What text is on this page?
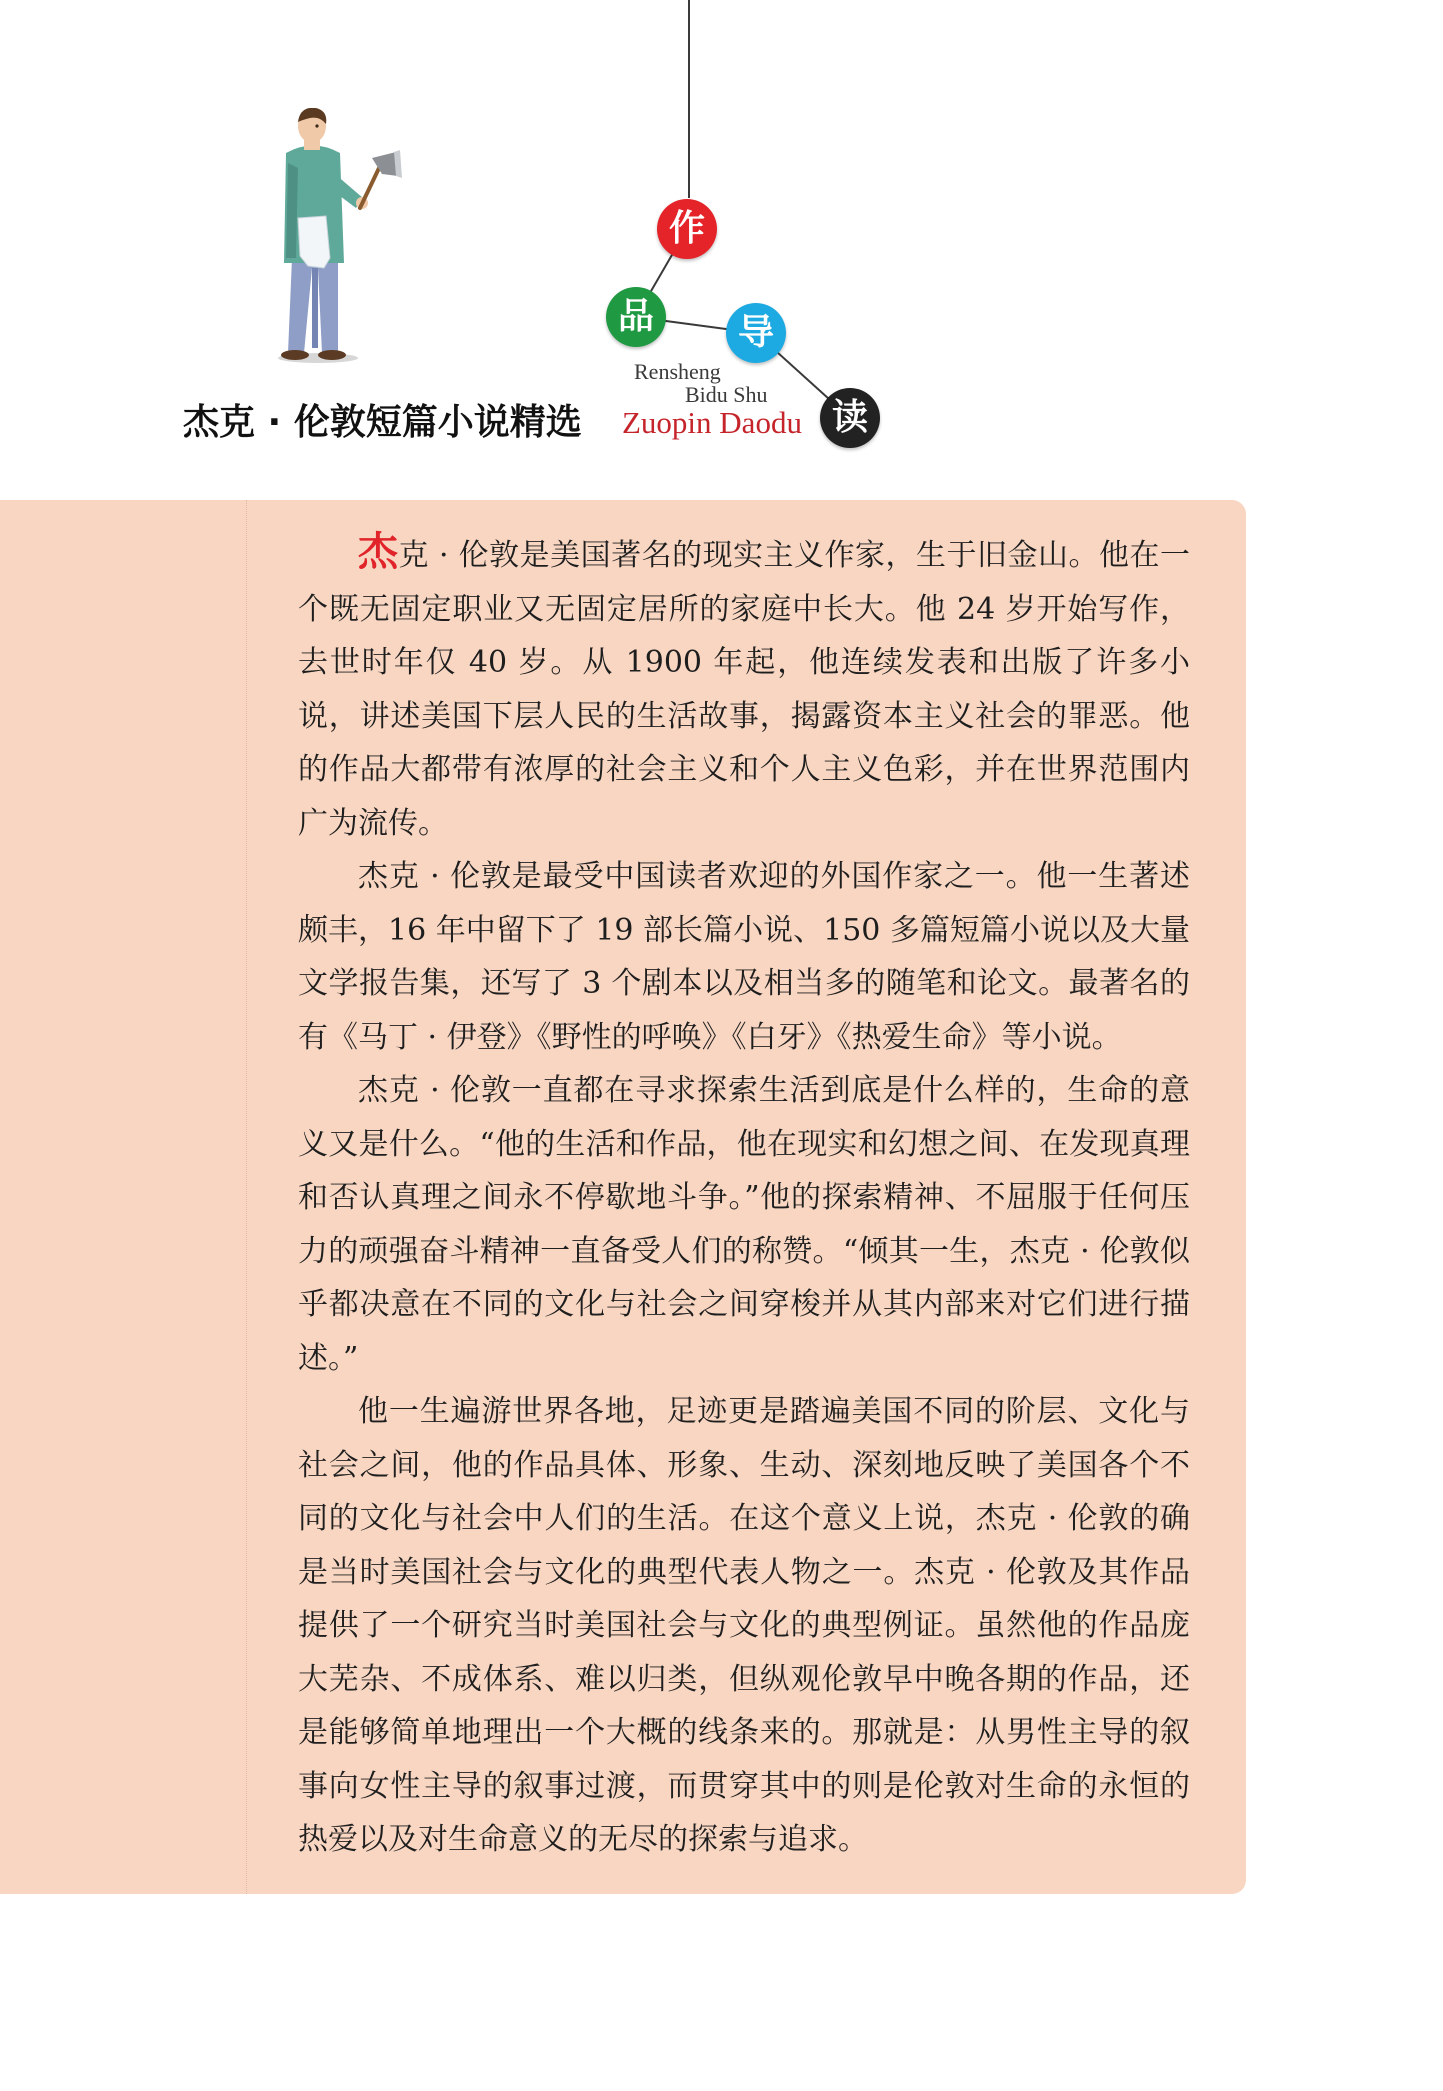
作
品	导
读
Rensheng
Bidu Shu
Zuopin Daodu
杰克 · 伦敦短篇小说精选

杰克 · 伦敦是美国著名的现实主义作家，生于旧金山。他在一个既无固定职业又无固定居所的家庭中长大。他 24 岁开始写作，去世时年仅 40 岁。从 1900 年起，他连续发表和出版了许多小说，讲述美国下层人民的生活故事，揭露资本主义社会的罪恶。他的作品大都带有浓厚的社会主义和个人主义色彩，并在世界范围内广为流传。

杰克 · 伦敦是最受中国读者欢迎的外国作家之一。他一生著述颇丰，16 年中留下了 19 部长篇小说、150 多篇短篇小说以及大量文学报告集，还写了 3 个剧本以及相当多的随笔和论文。最著名的有《马丁 · 伊登》《野性的呼唤》《白牙》《热爱生命》等小说。

杰克 · 伦敦一直都在寻求探索生活到底是什么样的，生命的意义又是什么。“他的生活和作品，他在现实和幻想之间、在发现真理和否认真理之间永不停歇地斗争。”他的探索精神、不屈服于任何压力的顽强奋斗精神一直备受人们的称赞。“倾其一生，杰克 · 伦敦似乎都决意在不同的文化与社会之间穿梭并从其内部来对它们进行描述。”

他一生遍游世界各地，足迹更是踏遍美国不同的阶层、文化与社会之间，他的作品具体、形象、生动、深刻地反映了美国各个不同的文化与社会中人们的生活。在这个意义上说，杰克 · 伦敦的确是当时美国社会与文化的典型代表人物之一。杰克 · 伦敦及其作品提供了一个研究当时美国社会与文化的典型例证。虽然他的作品庞大芜杂、不成体系、难以归类，但纵观伦敦早中晚各期的作品，还是能够简单地理出一个大概的线条来的。那就是：从男性主导的叙事向女性主导的叙事过渡，而贯穿其中的则是伦敦对生命的永恒的热爱以及对生命意义的无尽的探索与追求。
